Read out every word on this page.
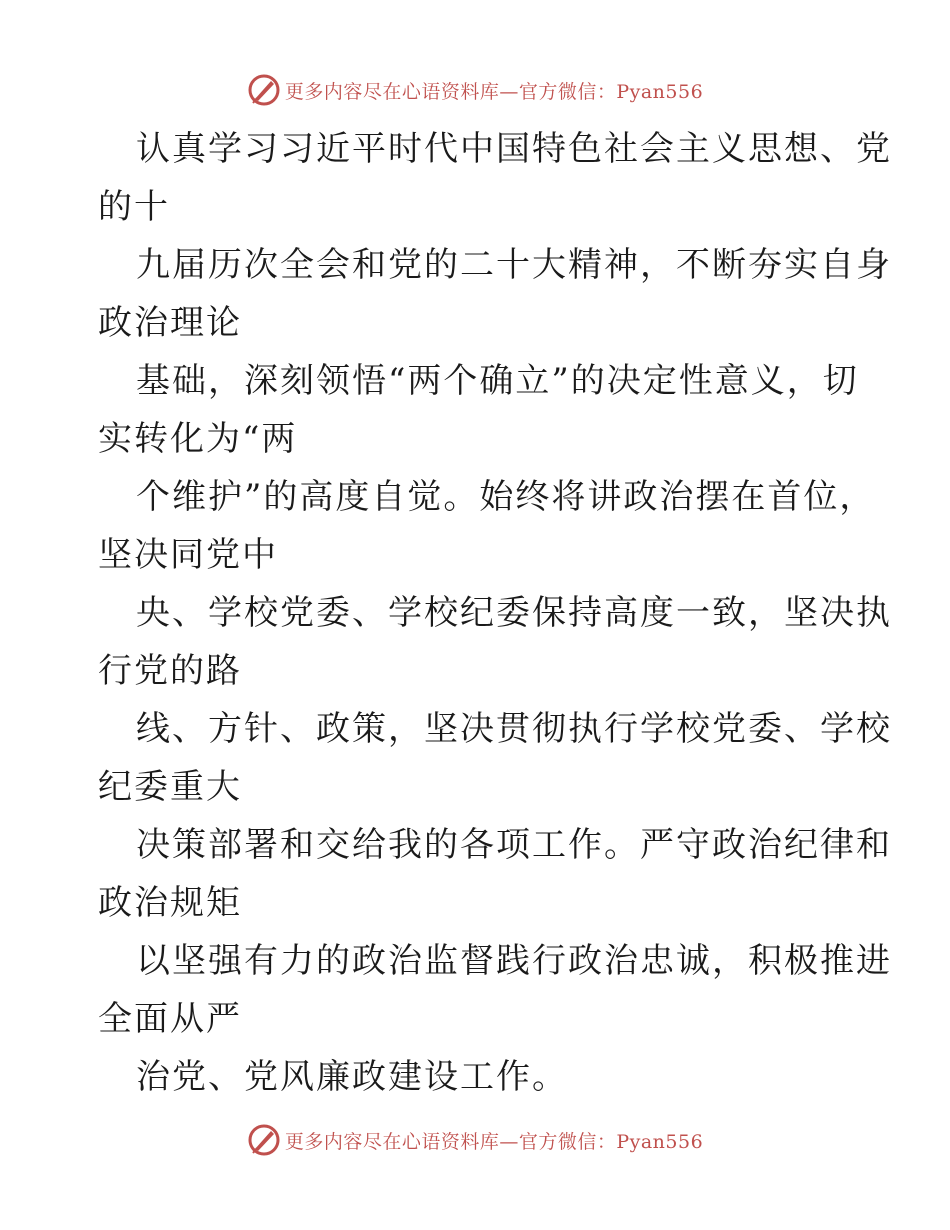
更多内容尽在心语资料库—官方微信：Pyan556
认真学习习近平时代中国特色社会主义思想、党
的十
九届历次全会和党的二十大精神，不断夯实自身
政治理论
基础，深刻领悟“两个确立”的决定性意义，切
实转化为“两
个维护”的高度自觉。始终将讲政治摆在首位，
坚决同党中
央、学校党委、学校纪委保持高度一致，坚决执
行党的路
线、方针、政策，坚决贯彻执行学校党委、学校
纪委重大
决策部署和交给我的各项工作。严守政治纪律和
政治规矩
以坚强有力的政治监督践行政治忠诚，积极推进
全面从严
治党、党风廉政建设工作。
更多内容尽在心语资料库—官方微信：Pyan556
